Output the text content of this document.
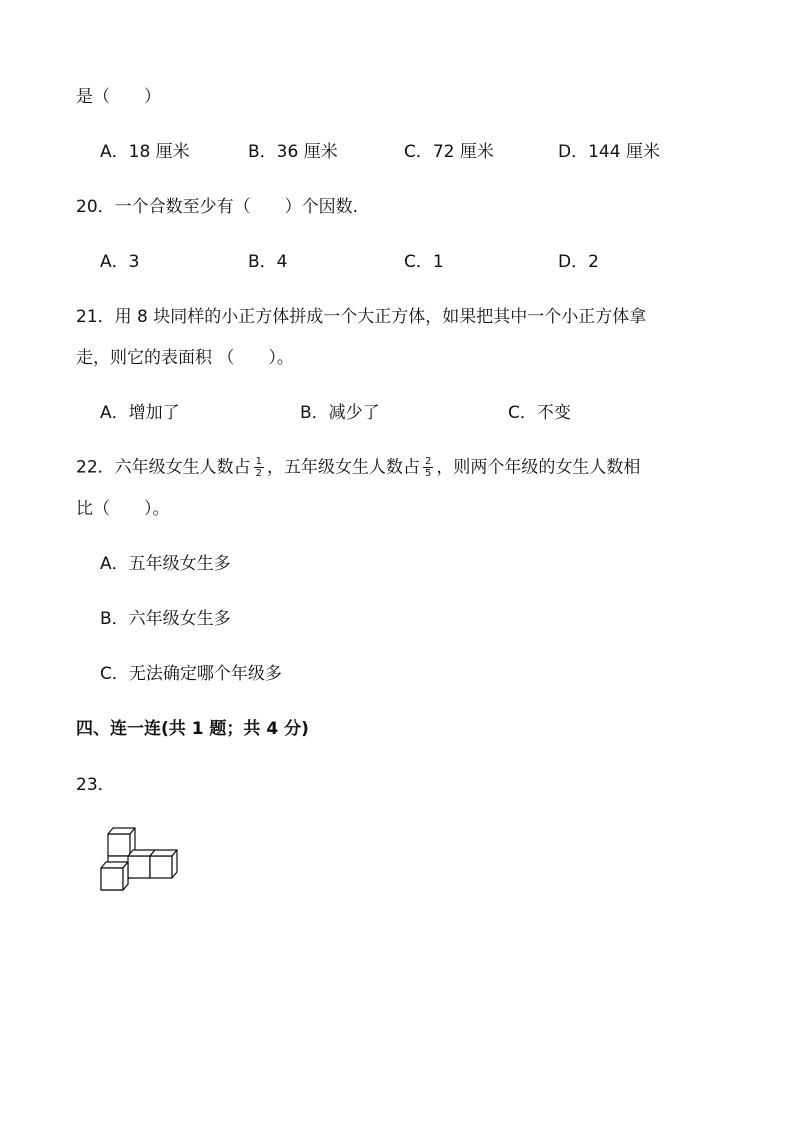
是（　　）
A．18 厘米	B．36 厘米	C．72 厘米	D．144 厘米
20．一个合数至少有（　　）个因数.
A．3	B．4	C．1	D．2
21．用 8 块同样的小正方体拼成一个大正方体，如果把其中一个小正方体拿
走，则它的表面积 （　　）。
A．增加了	B．减少了	C．不变
22．六年级女生人数占 $\frac{1}{2}$ ，五年级女生人数占 $\frac{2}{5}$ ，则两个年级的女生人数相
比（　　）。
A．五年级女生多
B．六年级女生多
C．无法确定哪个年级多
四、连一连(共 1 题；共 4 分)
23．
